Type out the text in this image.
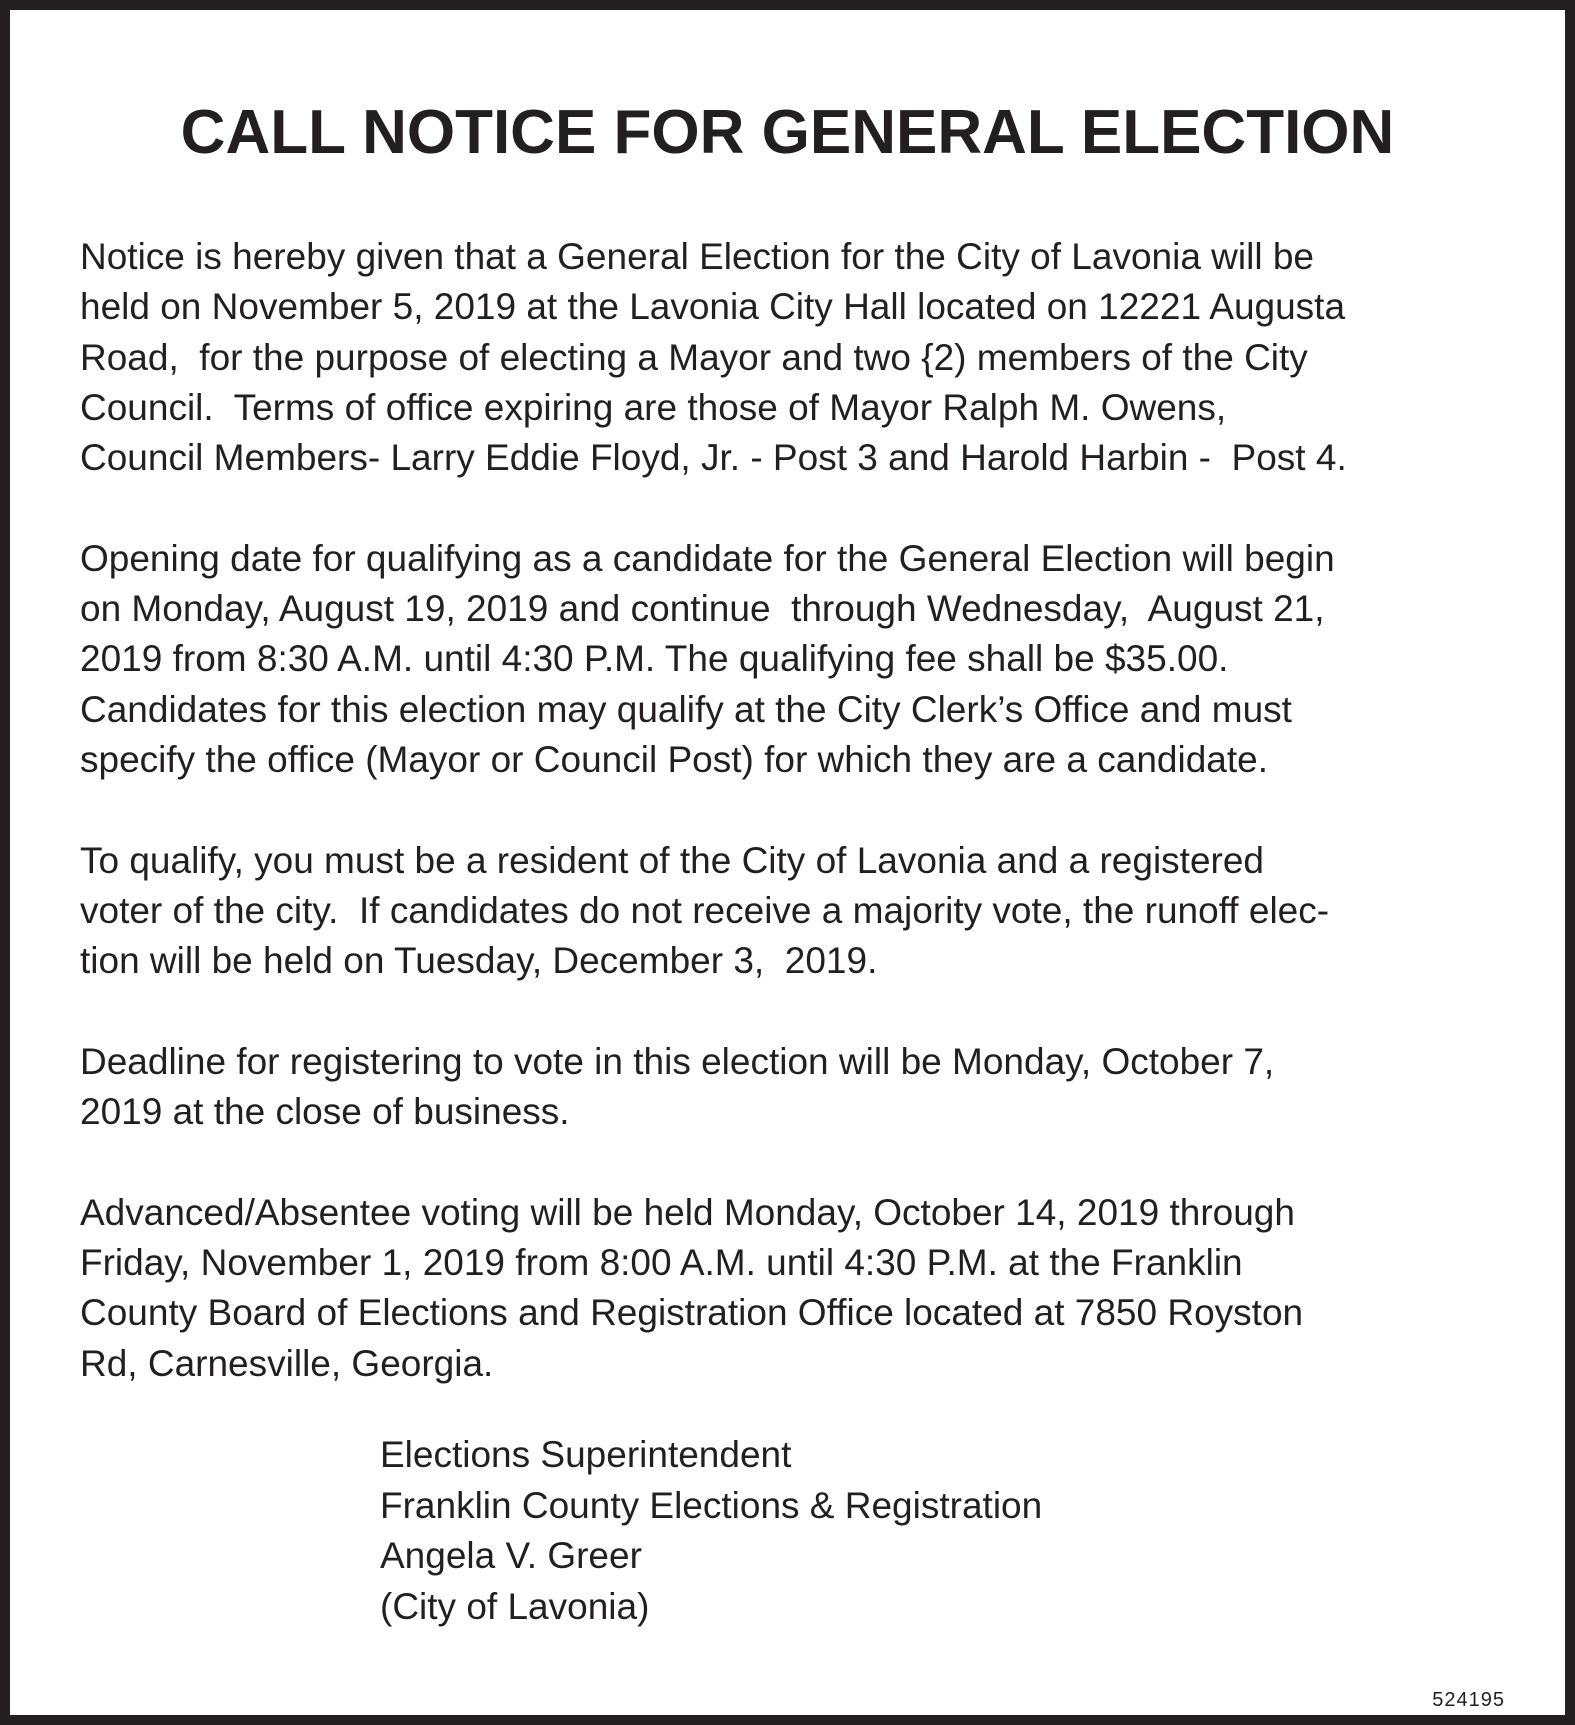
CALL NOTICE FOR GENERAL ELECTION

Notice is hereby given that a General Election for the City of Lavonia will be
held on November 5, 2019 at the Lavonia City Hall located on 12221 Augusta
Road,  for the purpose of electing a Mayor and two {2) members of the City
Council.  Terms of office expiring are those of Mayor Ralph M. Owens,
Council Members- Larry Eddie Floyd, Jr. - Post 3 and Harold Harbin -  Post 4.

Opening date for qualifying as a candidate for the General Election will begin
on Monday, August 19, 2019 and continue  through Wednesday,  August 21,
2019 from 8:30 A.M. until 4:30 P.M. The qualifying fee shall be $35.00.
Candidates for this election may qualify at the City Clerk’s Office and must
specify the office (Mayor or Council Post) for which they are a candidate.

To qualify, you must be a resident of the City of Lavonia and a registered
voter of the city.  If candidates do not receive a majority vote, the runoff elec-
tion will be held on Tuesday, December 3,  2019.

Deadline for registering to vote in this election will be Monday, October 7,
2019 at the close of business.

Advanced/Absentee voting will be held Monday, October 14, 2019 through
Friday, November 1, 2019 from 8:00 A.M. until 4:30 P.M. at the Franklin
County Board of Elections and Registration Office located at 7850 Royston
Rd, Carnesville, Georgia.

Elections Superintendent
Franklin County Elections & Registration
Angela V. Greer
(City of Lavonia)
524195
